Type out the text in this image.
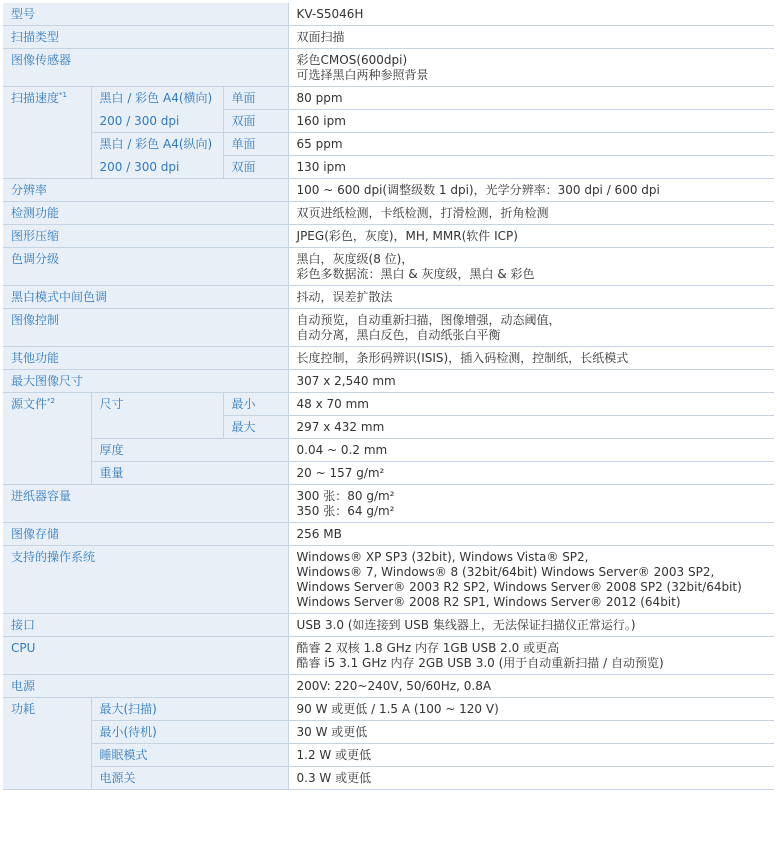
型号			KV-S5046H
扫描类型			双面扫描
图像传感器			彩色CMOS(600dpi)
可选择黑白两种参照背景

扫描速度$^{*1}$	黑白 / 彩色 A4(横向)	单面	80 ppm
	200 / 300 dpi	双面	160 ipm
	黑白 / 彩色 A4(纵向)	单面	65 ppm
	200 / 300 dpi	双面	130 ipm
分辨率			100 ~ 600 dpi(调整级数 1 dpi)，光学分辨率：300 dpi / 600 dpi
检测功能			双页进纸检测，卡纸检测，打滑检测，折角检测
图形压缩			JPEG(彩色，灰度)，MH, MMR(软件 ICP)
色调分级			黑白，灰度级(8 位)，
彩色多数据流：黑白 & 灰度级，黑白 & 彩色

黑白模式中间色调			抖动，误差扩散法
图像控制			自动预览，自动重新扫描，图像增强，动态阈值，
自动分离，黑白反色，自动纸张白平衡

其他功能			长度控制，条形码辨识(ISIS)，插入码检测，控制纸，长纸模式
最大图像尺寸			307 x 2,540 mm
源文件$^{*2}$	尺寸	最小	48 x 70 mm
		最大	297 x 432 mm
	厚度		0.04 ~ 0.2 mm
	重量		20 ~ 157 g/m²
进纸器容量			300 张：80 g/m²
350 张：64 g/m²

图像存储			256 MB
支持的操作系统			Windows® XP SP3 (32bit), Windows Vista® SP2,
Windows® 7, Windows® 8 (32bit/64bit) Windows Server® 2003 SP2,
Windows Server® 2003 R2 SP2, Windows Server® 2008 SP2 (32bit/64bit)
Windows Server® 2008 R2 SP1, Windows Server® 2012 (64bit)

接口			USB 3.0 (如连接到 USB 集线器上，无法保证扫描仪正常运行。)
CPU			酷睿 2 双核 1.8 GHz 内存 1GB USB 2.0 或更高
酷睿 i5 3.1 GHz 内存 2GB USB 3.0 (用于自动重新扫描 / 自动预览)

电源			200V: 220~240V, 50/60Hz, 0.8A
功耗	最大(扫描)		90 W 或更低 / 1.5 A (100 ~ 120 V)
	最小(待机)		30 W 或更低
	睡眠模式		1.2 W 或更低
	电源关		0.3 W 或更低
